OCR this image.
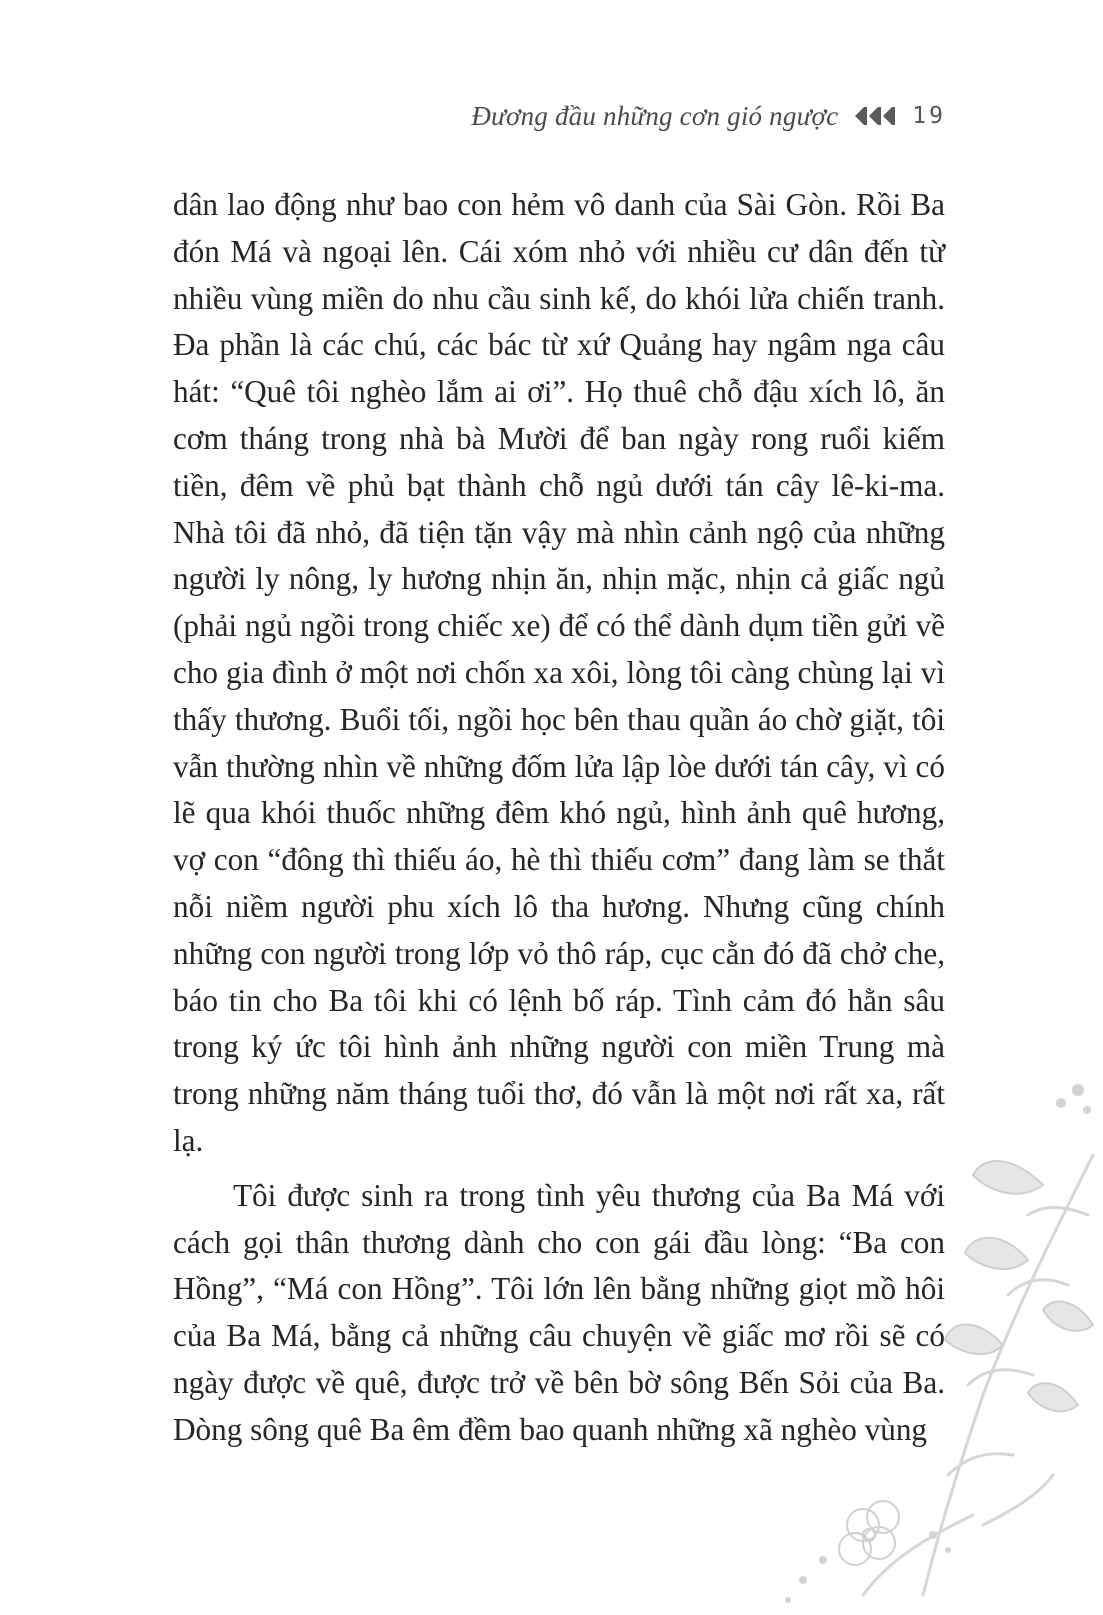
Đương đầu những cơn gió ngược	19

dân lao động như bao con hẻm vô danh của Sài Gòn. Rồi Ba đón Má và ngoại lên. Cái xóm nhỏ với nhiều cư dân đến từ nhiều vùng miền do nhu cầu sinh kế, do khói lửa chiến tranh. Đa phần là các chú, các bác từ xứ Quảng hay ngâm nga câu hát: “Quê tôi nghèo lắm ai ơi”. Họ thuê chỗ đậu xích lô, ăn cơm tháng trong nhà bà Mười để ban ngày rong ruổi kiếm tiền, đêm về phủ bạt thành chỗ ngủ dưới tán cây lê-ki-ma. Nhà tôi đã nhỏ, đã tiện tặn vậy mà nhìn cảnh ngộ của những người ly nông, ly hương nhịn ăn, nhịn mặc, nhịn cả giấc ngủ (phải ngủ ngồi trong chiếc xe) để có thể dành dụm tiền gửi về cho gia đình ở một nơi chốn xa xôi, lòng tôi càng chùng lại vì thấy thương. Buổi tối, ngồi học bên thau quần áo chờ giặt, tôi vẫn thường nhìn về những đốm lửa lập lòe dưới tán cây, vì có lẽ qua khói thuốc những đêm khó ngủ, hình ảnh quê hương, vợ con “đông thì thiếu áo, hè thì thiếu cơm” đang làm se thắt nỗi niềm người phu xích lô tha hương. Nhưng cũng chính những con người trong lớp vỏ thô ráp, cục cằn đó đã chở che, báo tin cho Ba tôi khi có lệnh bố ráp. Tình cảm đó hằn sâu trong ký ức tôi hình ảnh những người con miền Trung mà trong những năm tháng tuổi thơ, đó vẫn là một nơi rất xa, rất lạ.

Tôi được sinh ra trong tình yêu thương của Ba Má với cách gọi thân thương dành cho con gái đầu lòng: “Ba con Hồng”, “Má con Hồng”. Tôi lớn lên bằng những giọt mồ hôi của Ba Má, bằng cả những câu chuyện về giấc mơ rồi sẽ có ngày được về quê, được trở về bên bờ sông Bến Sỏi của Ba. Dòng sông quê Ba êm đềm bao quanh những xã nghèo vùng
